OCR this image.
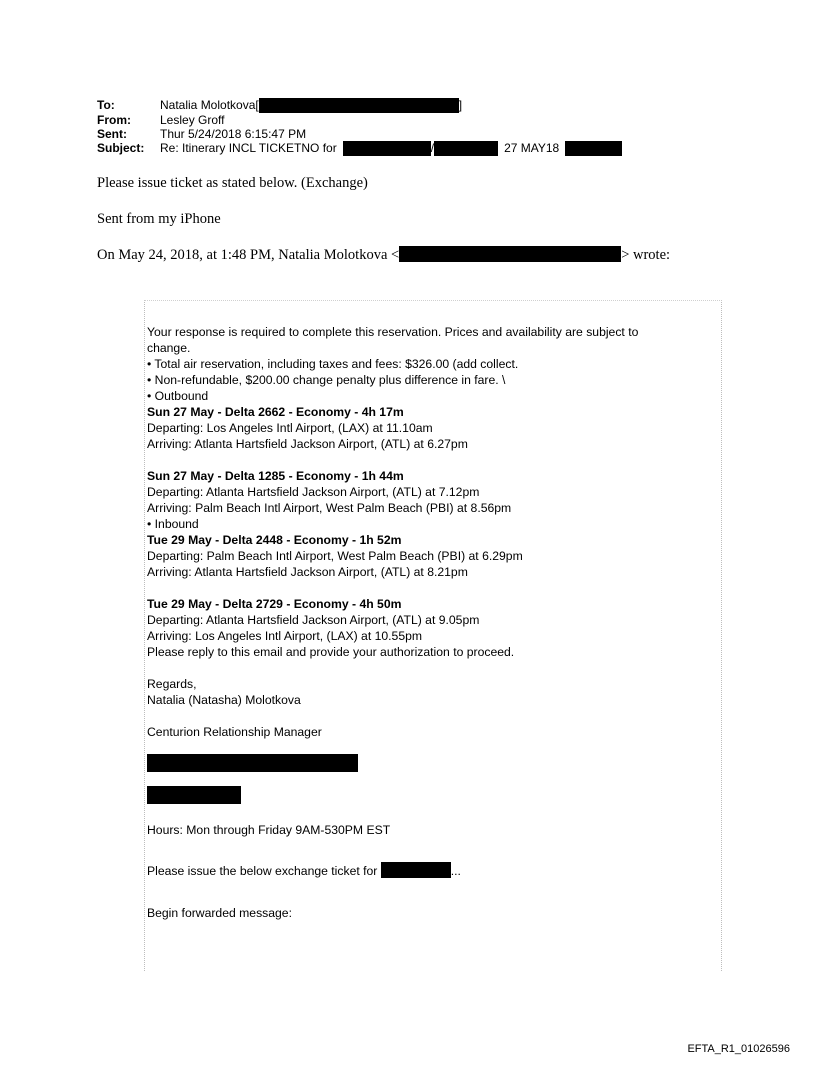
To:	Natalia Molotkova[	]
From:	Lesley Groff
Sent:	Thur 5/24/2018 6:15:47 PM
Subject:	Re: Itinerary INCL TICKETNO for	/	27 MAY18
Please issue ticket as stated below. (Exchange)
Sent from my iPhone
On May 24, 2018, at 1:48 PM, Natalia Molotkova <	> wrote:

Your response is required to complete this reservation. Prices and availability are subject to

change.

• Total air reservation, including taxes and fees: $326.00 (add collect.

• Non-refundable, $200.00 change penalty plus difference in fare. \

• Outbound

Sun 27 May - Delta 2662 - Economy - 4h 17m

Departing: Los Angeles Intl Airport, (LAX) at 11.10am

Arriving: Atlanta Hartsfield Jackson Airport, (ATL) at 6.27pm

Sun 27 May - Delta 1285 - Economy - 1h 44m

Departing: Atlanta Hartsfield Jackson Airport, (ATL) at 7.12pm

Arriving: Palm Beach Intl Airport, West Palm Beach (PBI) at 8.56pm

• Inbound

Tue 29 May - Delta 2448 - Economy - 1h 52m

Departing: Palm Beach Intl Airport, West Palm Beach (PBI) at 6.29pm

Arriving: Atlanta Hartsfield Jackson Airport, (ATL) at 8.21pm

Tue 29 May - Delta 2729 - Economy - 4h 50m

Departing: Atlanta Hartsfield Jackson Airport, (ATL) at 9.05pm

Arriving: Los Angeles Intl Airport, (LAX) at 10.55pm

Please reply to this email and provide your authorization to proceed.

Regards,

Natalia (Natasha) Molotkova

Centurion Relationship Manager

Hours: Mon through Friday 9AM-530PM EST

Please issue the below exchange ticket for	...

Begin forwarded message:

EFTA_R1_01026596
